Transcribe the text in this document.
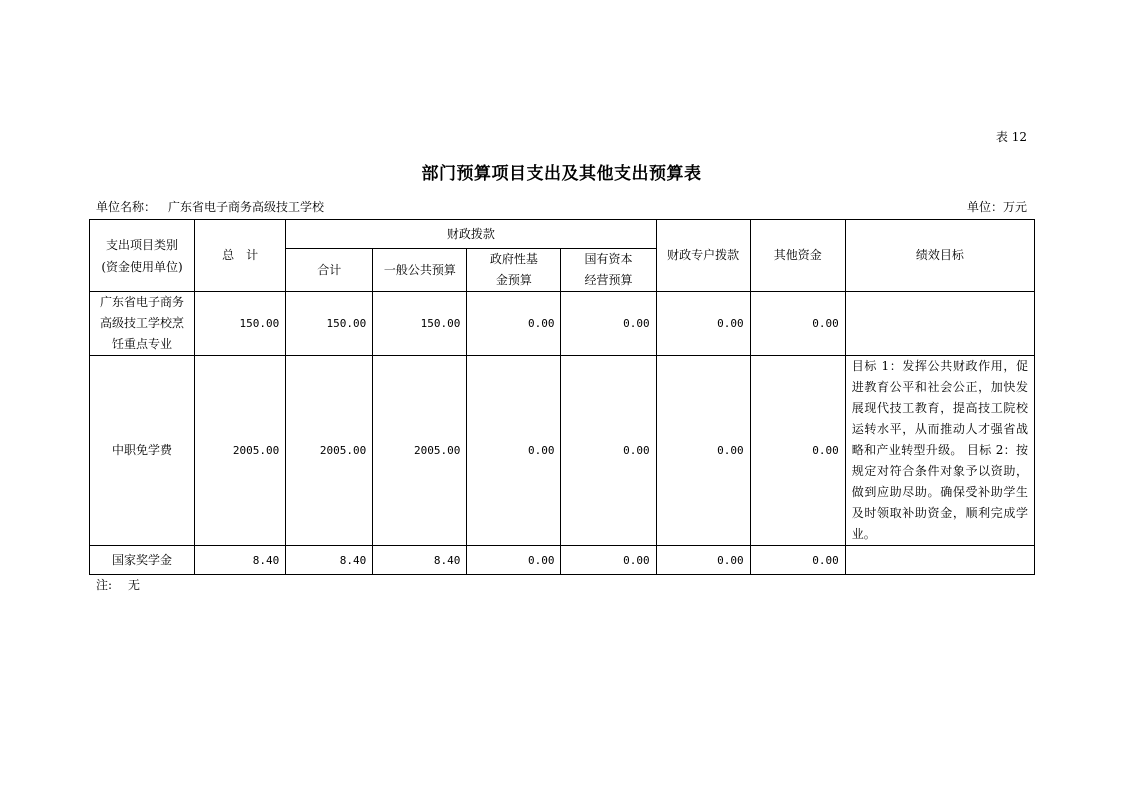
表 12
部门预算项目支出及其他支出预算表
单位名称： 广东省电子商务高级技工学校	单位：万元
支出项目类别(资金使用单位)	总　计	财政拨款				财政专户拨款	其他资金	绩效目标
		合计	一般公共预算	政府性基金预算	国有资本经营预算			
广东省电子商务高级技工学校烹饪重点专业	150.00	150.00	150.00	0.00	0.00	0.00	0.00	
中职免学费	2005.00	2005.00	2005.00	0.00	0.00	0.00	0.00	目标 1：发挥公共财政作用，促进教育公平和社会公正，加快发展现代技工教育，提高技工院校运转水平，从而推动人才强省战略和产业转型升级。 目标 2：按规定对符合条件对象予以资助，做到应助尽助。确保受补助学生及时领取补助资金，顺利完成学业。
国家奖学金	8.40	8.40	8.40	0.00	0.00	0.00	0.00	
注: 无
